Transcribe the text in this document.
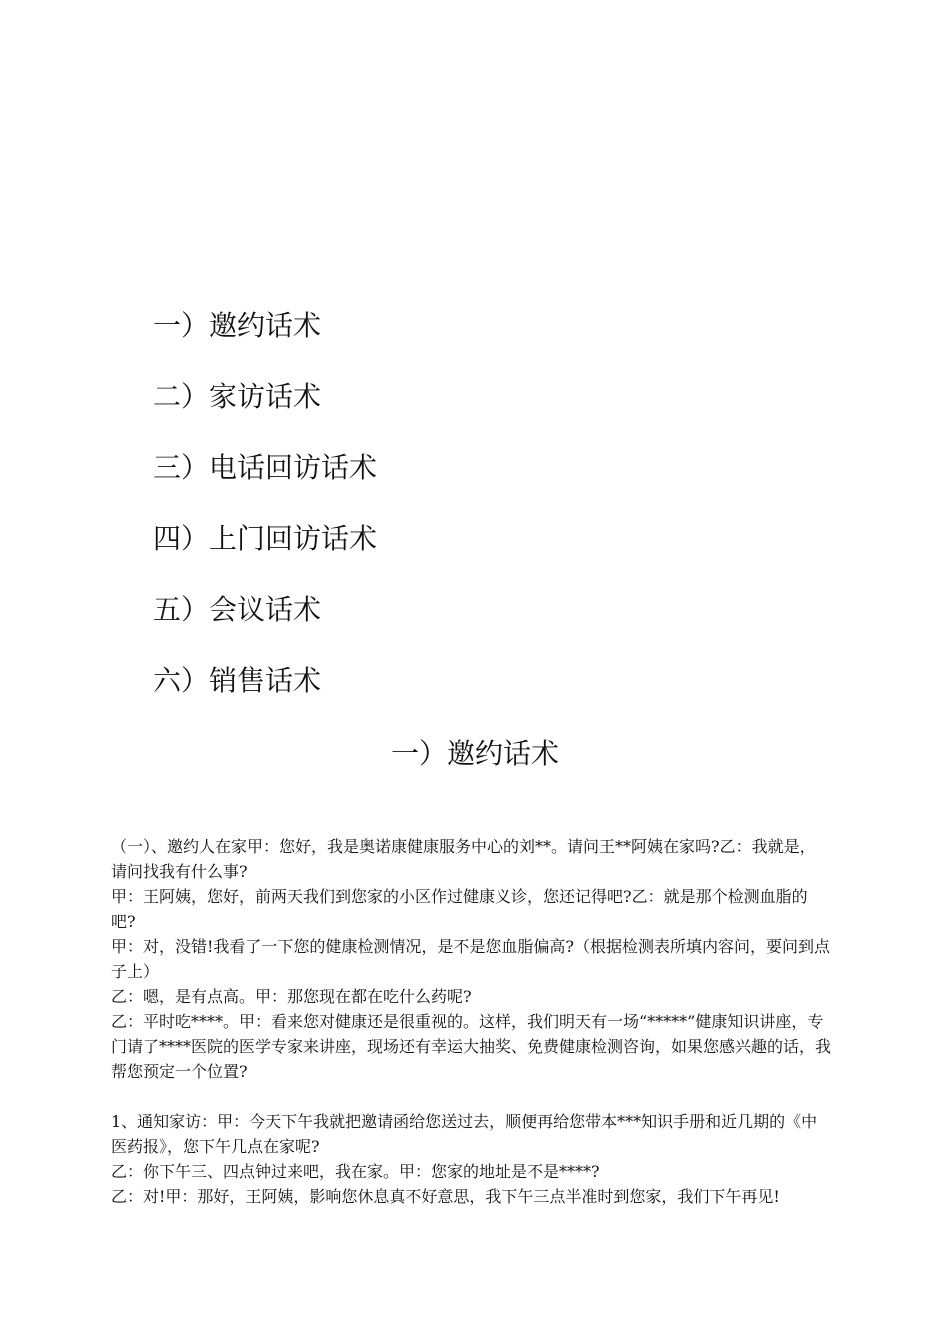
一）邀约话术
二）家访话术
三）电话回访话术
四）上门回访话术
五）会议话术
六）销售话术
一）邀约话术

（一）、邀约人在家甲：您好，我是奥诺康健康服务中心的刘**。请问王**阿姨在家吗?乙：我就是，请问找我有什么事?

甲：王阿姨，您好，前两天我们到您家的小区作过健康义诊，您还记得吧?乙：就是那个检测血脂的吧?

甲：对，没错!我看了一下您的健康检测情况，是不是您血脂偏高?（根据检测表所填内容问，要问到点子上）

乙：嗯，是有点高。甲：那您现在都在吃什么药呢?

乙：平时吃****。甲：看来您对健康还是很重视的。这样，我们明天有一场“*****”健康知识讲座，专门请了****医院的医学专家来讲座，现场还有幸运大抽奖、免费健康检测咨询，如果您感兴趣的话，我帮您预定一个位置?

1、通知家访：甲：今天下午我就把邀请函给您送过去，顺便再给您带本***知识手册和近几期的《中医药报》，您下午几点在家呢?

乙：你下午三、四点钟过来吧，我在家。甲：您家的地址是不是****?

乙：对!甲：那好，王阿姨，影响您休息真不好意思，我下午三点半准时到您家，我们下午再见!
